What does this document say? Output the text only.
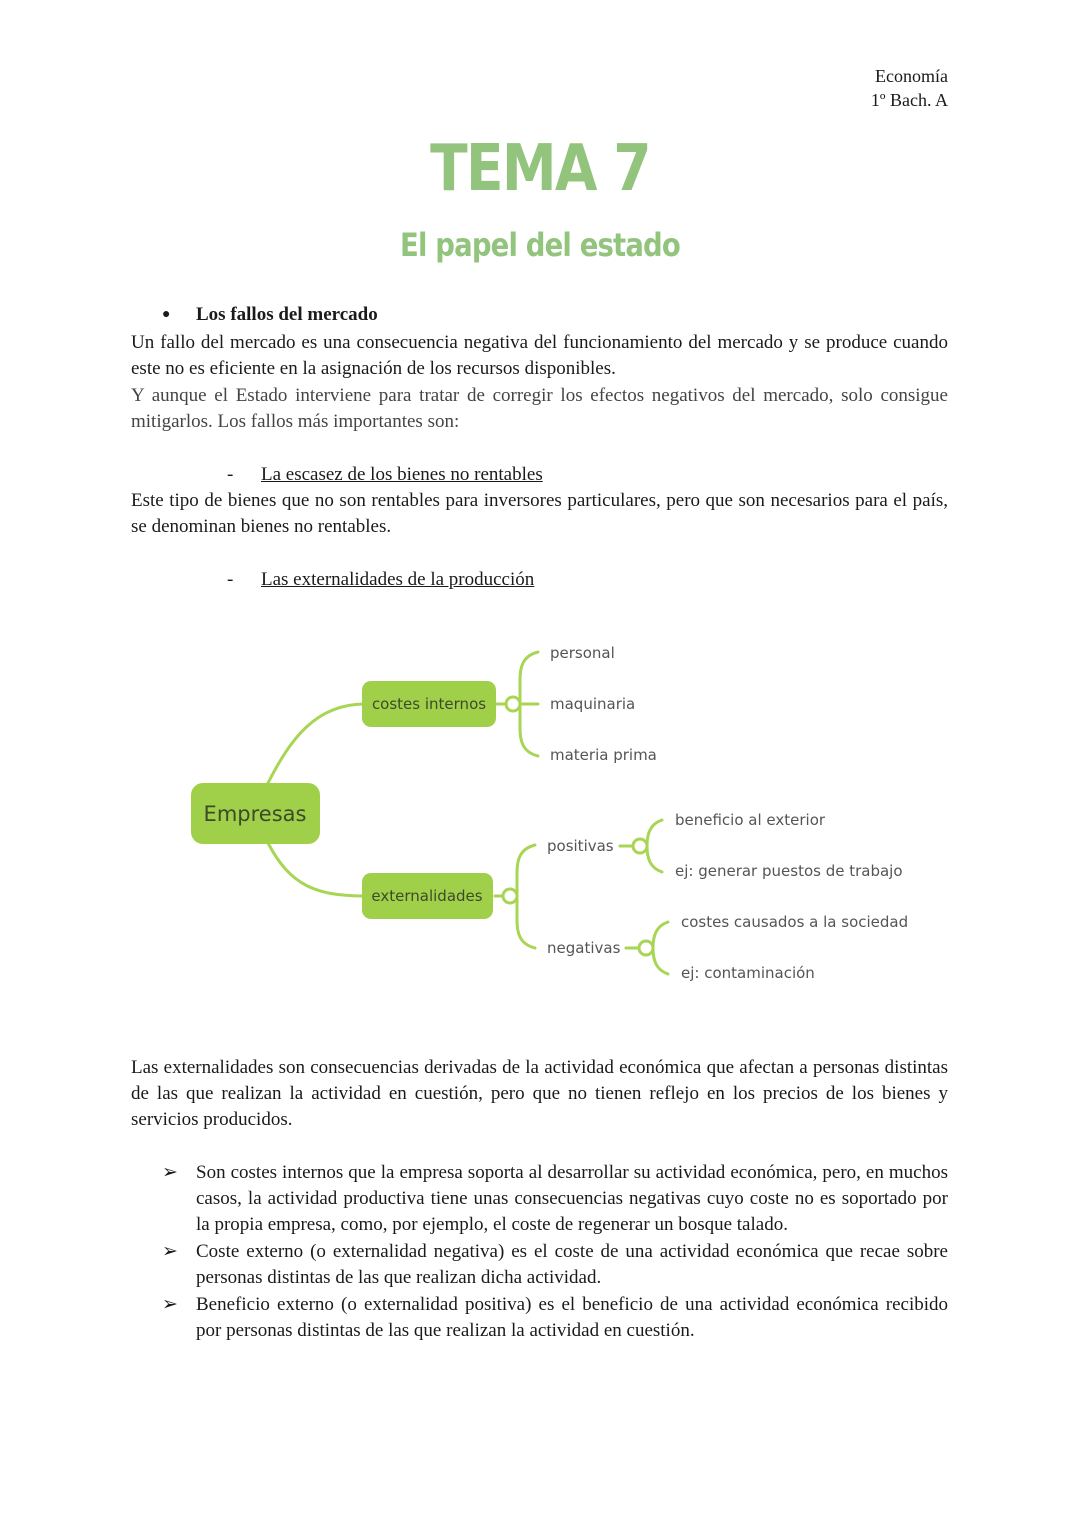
Economía
1º Bach. A
TEMA 7
El papel del estado
● Los fallos del mercado

Un fallo del mercado es una consecuencia negativa del funcionamiento del mercado y se produce cuando este no es eficiente en la asignación de los recursos disponibles.

Y aunque el Estado interviene para tratar de corregir los efectos negativos del mercado, solo consigue mitigarlos. Los fallos más importantes son:

- La escasez de los bienes no rentables

Este tipo de bienes que no son rentables para inversores particulares, pero que son necesarios para el país, se denominan bienes no rentables.

- Las externalidades de la producción
Empresas
costes internos
externalidades
personal
maquinaria
materia prima
positivas
negativas
beneficio al exterior
ej: generar puestos de trabajo
costes causados a la sociedad
ej: contaminación

Las externalidades son consecuencias derivadas de la actividad económica que afectan a personas distintas de las que realizan la actividad en cuestión, pero que no tienen reflejo en los precios de los bienes y servicios producidos.

➢ Son costes internos que la empresa soporta al desarrollar su actividad económica, pero, en muchos casos, la actividad productiva tiene unas consecuencias negativas cuyo coste no es soportado por la propia empresa, como, por ejemplo, el coste de regenerar un bosque talado.
➢ Coste externo (o externalidad negativa) es el coste de una actividad económica que recae sobre personas distintas de las que realizan dicha actividad.
➢ Beneficio externo (o externalidad positiva) es el beneficio de una actividad económica recibido por personas distintas de las que realizan la actividad en cuestión.
